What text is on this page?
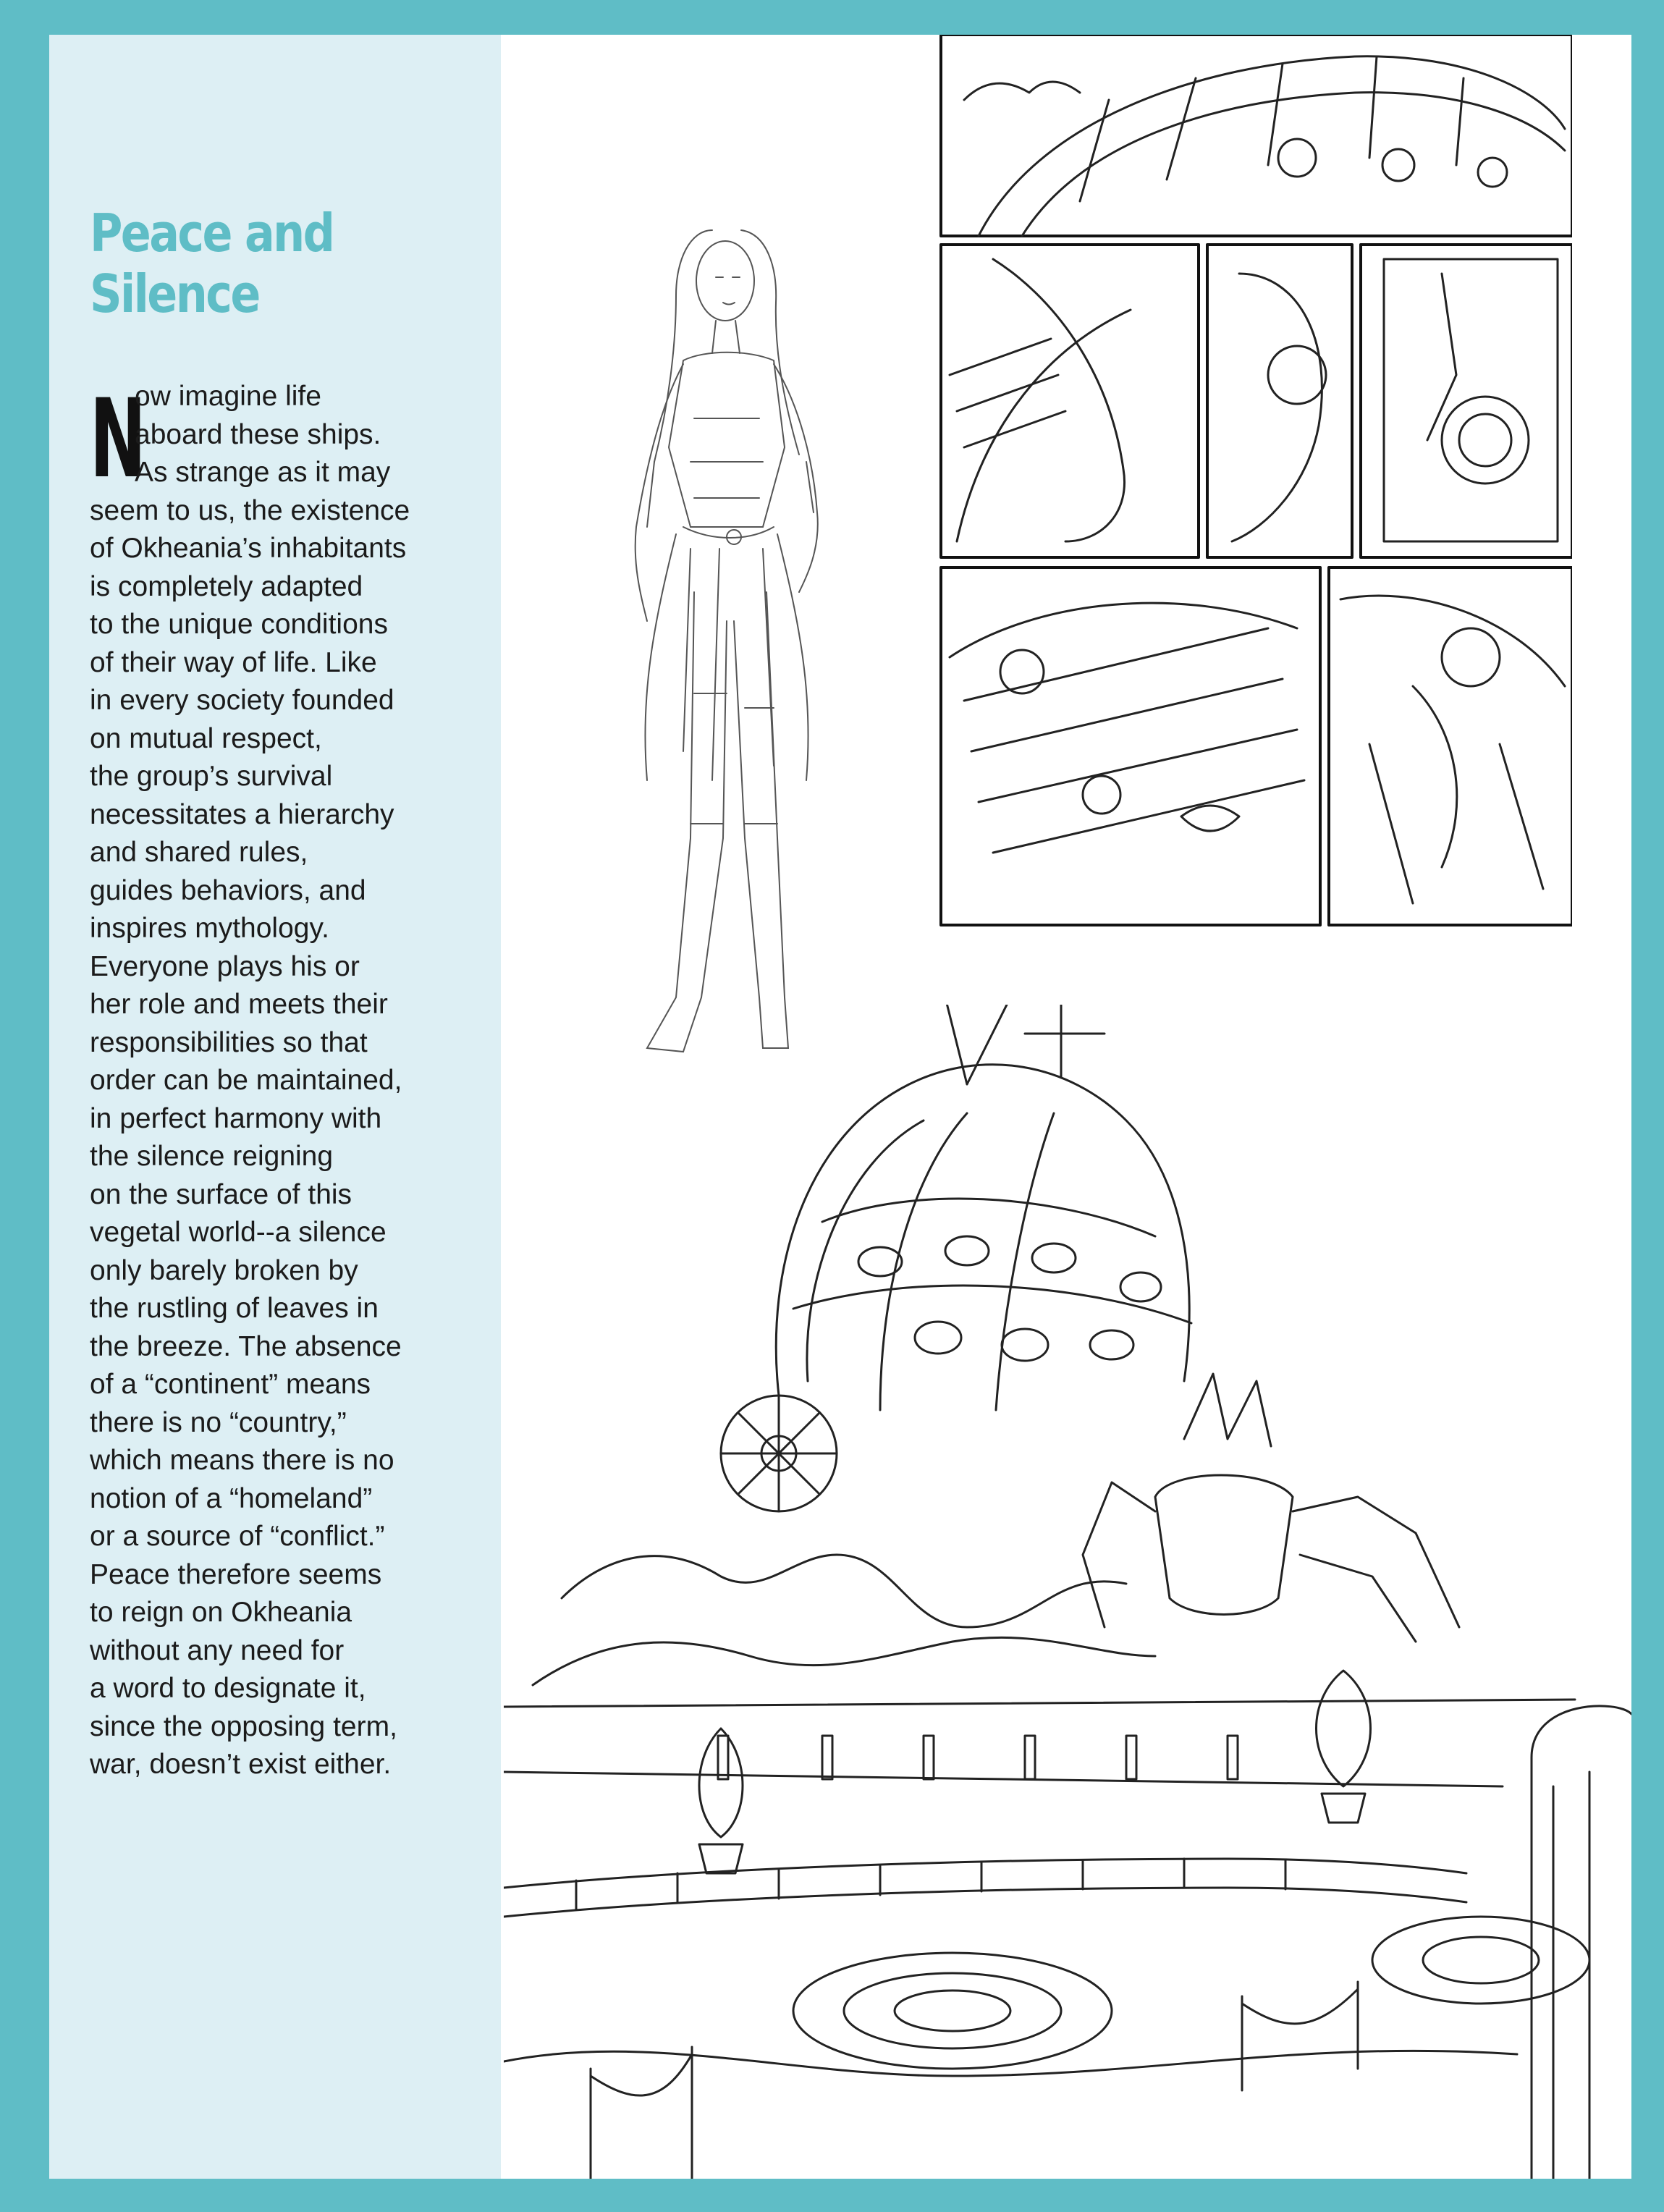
Peace and
Silence
N

ow imagine life
aboard these ships.
As strange as it may
seem to us, the existence
of Okheania’s inhabitants
is completely adapted
to the unique conditions
of their way of life. Like
in every society founded
on mutual respect,
the group’s survival
necessitates a hierarchy
and shared rules,
guides behaviors, and
inspires mythology.
Everyone plays his or
her role and meets their
responsibilities so that
order can be maintained,
in perfect harmony with
the silence reigning
on the surface of this
vegetal world--a silence
only barely broken by
the rustling of leaves in
the breeze. The absence
of a “continent” means
there is no “country,”
which means there is no
notion of a “homeland”
or a source of “conflict.”
Peace therefore seems
to reign on Okheania
without any need for
a word to designate it,
since the opposing term,
war, doesn’t exist either.
